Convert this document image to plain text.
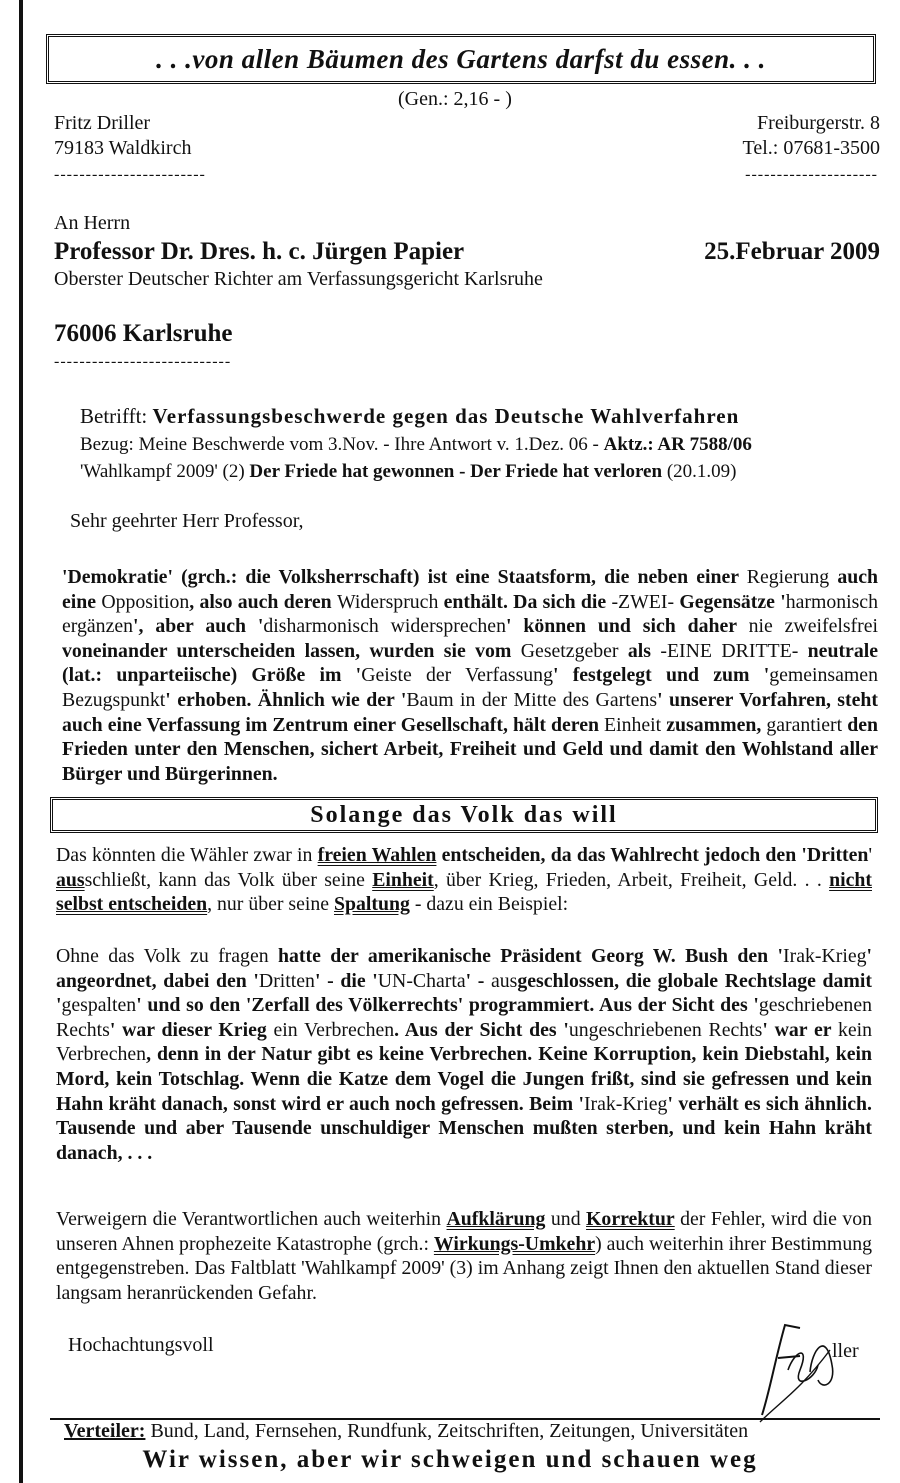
. . .von allen Bäumen des Gartens darfst du essen. . .
(Gen.: 2,16 - )
Fritz Driller
79183 Waldkirch
------------------------
Freiburgerstr. 8
Tel.: 07681-3500
---------------------
An Herrn
Professor Dr. Dres. h. c. Jürgen Papier	25.Februar 2009
Oberster Deutscher Richter am Verfassungsgericht Karlsruhe
76006 Karlsruhe
----------------------------
Betrifft: Verfassungsbeschwerde gegen das Deutsche Wahlverfahren
Bezug: Meine Beschwerde vom 3.Nov. - Ihre Antwort v. 1.Dez. 06 - Aktz.: AR 7588/06
'Wahlkampf 2009' (2) Der Friede hat gewonnen - Der Friede hat verloren (20.1.09)
Sehr geehrter Herr Professor,
'Demokratie' (grch.: die Volksherrschaft) ist eine Staatsform, die neben einer Regierung auch eine Opposition, also auch deren Widerspruch enthält. Da sich die -ZWEI- Gegensätze 'harmonisch ergänzen', aber auch 'disharmonisch widersprechen' können und sich daher nie zweifelsfrei voneinander unterscheiden lassen, wurden sie vom Gesetzgeber als -EINE DRITTE- neutrale (lat.: unparteiische) Größe im 'Geiste der Verfassung' festgelegt und zum 'gemeinsamen Bezugspunkt' erhoben. Ähnlich wie der 'Baum in der Mitte des Gartens' unserer Vorfahren, steht auch eine Verfassung im Zentrum einer Gesellschaft, hält deren Einheit zusammen, garantiert den Frieden unter den Menschen, sichert Arbeit, Freiheit und Geld und damit den Wohlstand aller Bürger und Bürgerinnen.
Solange das Volk das will
Das könnten die Wähler zwar in freien Wahlen entscheiden, da das Wahlrecht jedoch den 'Dritten' ausschließt, kann das Volk über seine Einheit, über Krieg, Frieden, Arbeit, Freiheit, Geld. . . nicht selbst entscheiden, nur über seine Spaltung - dazu ein Beispiel:
Ohne das Volk zu fragen hatte der amerikanische Präsident Georg W. Bush den 'Irak-Krieg' angeordnet, dabei den 'Dritten' - die 'UN-Charta' - ausgeschlossen, die globale Rechtslage damit 'gespalten' und so den 'Zerfall des Völkerrechts' programmiert. Aus der Sicht des 'geschriebenen Rechts' war dieser Krieg ein Verbrechen. Aus der Sicht des 'ungeschriebenen Rechts' war er kein Verbrechen, denn in der Natur gibt es keine Verbrechen. Keine Korruption, kein Diebstahl, kein Mord, kein Totschlag. Wenn die Katze dem Vogel die Jungen frißt, sind sie gefressen und kein Hahn kräht danach, sonst wird er auch noch gefressen. Beim 'Irak-Krieg' verhält es sich ähnlich. Tausende und aber Tausende unschuldiger Menschen mußten sterben, und kein Hahn kräht danach, . . .
Verweigern die Verantwortlichen auch weiterhin Aufklärung und Korrektur der Fehler, wird die von unseren Ahnen prophezeite Katastrophe (grch.: Wirkungs-Umkehr) auch weiterhin ihrer Bestimmung entgegenstreben. Das Faltblatt 'Wahlkampf 2009' (3) im Anhang zeigt Ihnen den aktuellen Stand dieser langsam heranrückenden Gefahr.
Hochachtungsvoll	ller
Verteiler: Bund, Land, Fernsehen, Rundfunk, Zeitschriften, Zeitungen, Universitäten
Wir wissen, aber wir schweigen und schauen weg
